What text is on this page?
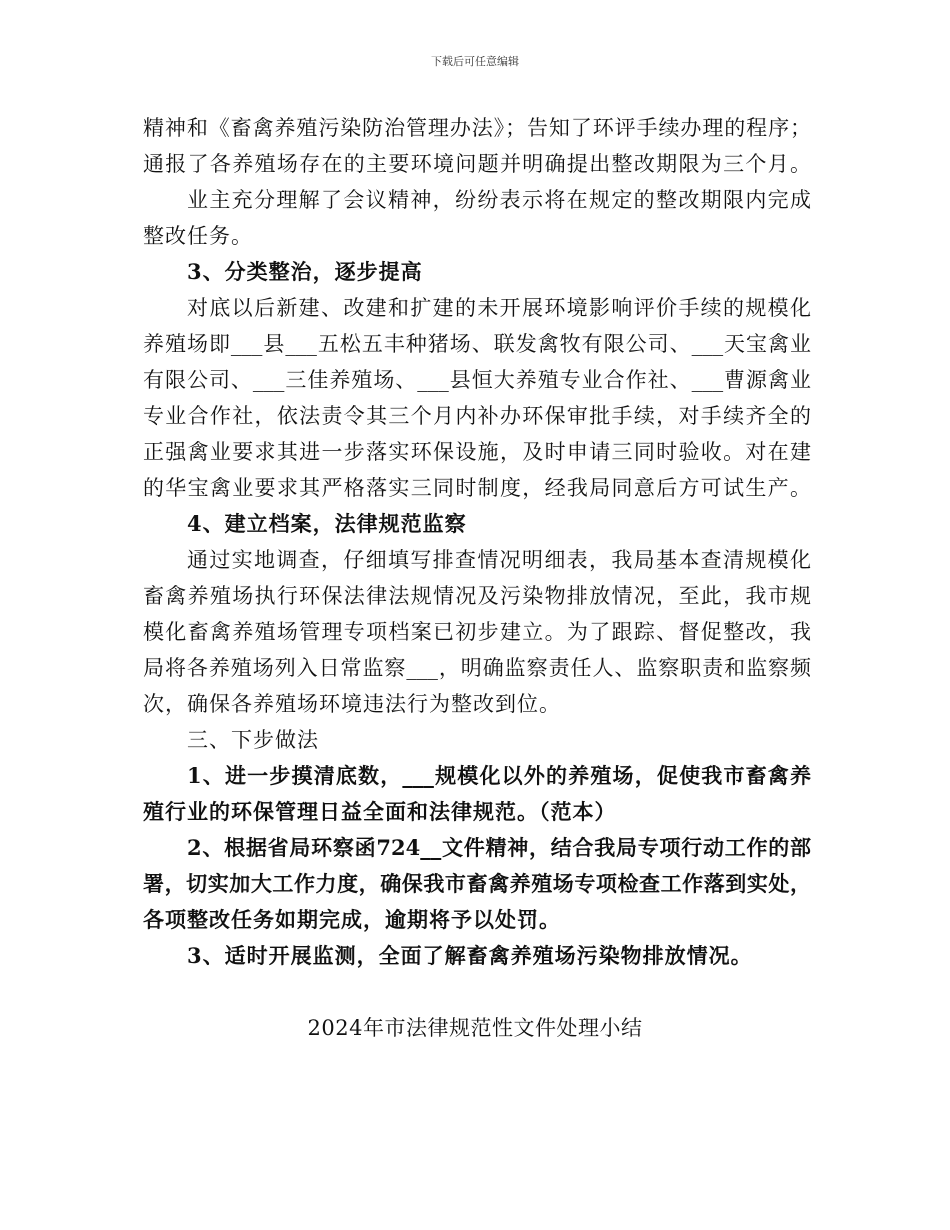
下载后可任意编辑
精神和《畜禽养殖污染防治管理办法》；告知了环评手续办理的程序；
通报了各养殖场存在的主要环境问题并明确提出整改期限为三个月。
业主充分理解了会议精神，纷纷表示将在规定的整改期限内完成
整改任务。
3、分类整治，逐步提高
对底以后新建、改建和扩建的未开展环境影响评价手续的规模化
养殖场即___县___五松五丰种猪场、联发禽牧有限公司、___天宝禽业
有限公司、___三佳养殖场、___县恒大养殖专业合作社、___曹源禽业
专业合作社，依法责令其三个月内补办环保审批手续，对手续齐全的
正强禽业要求其进一步落实环保设施，及时申请三同时验收。对在建
的华宝禽业要求其严格落实三同时制度，经我局同意后方可试生产。
4、建立档案，法律规范监察
通过实地调查，仔细填写排查情况明细表，我局基本查清规模化
畜禽养殖场执行环保法律法规情况及污染物排放情况，至此，我市规
模化畜禽养殖场管理专项档案已初步建立。为了跟踪、督促整改，我
局将各养殖场列入日常监察___，明确监察责任人、监察职责和监察频
次，确保各养殖场环境违法行为整改到位。
三、下步做法
1、进一步摸清底数，___规模化以外的养殖场，促使我市畜禽养
殖行业的环保管理日益全面和法律规范。（范本）
2、根据省局环察函724__文件精神，结合我局专项行动工作的部
署，切实加大工作力度，确保我市畜禽养殖场专项检查工作落到实处，
各项整改任务如期完成，逾期将予以处罚。
3、适时开展监测，全面了解畜禽养殖场污染物排放情况。
2024年市法律规范性文件处理小结
